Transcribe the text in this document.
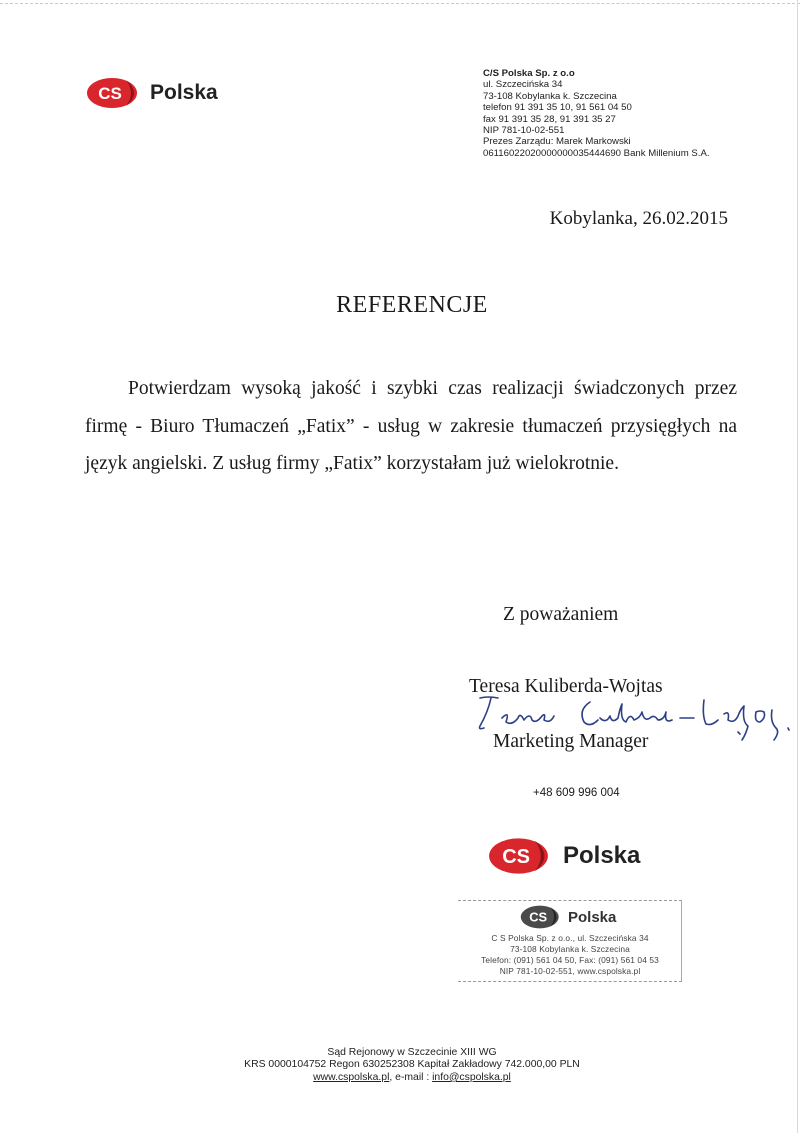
CS Polska
C/S Polska Sp. z o.o
ul. Szczecińska 34
73-108 Kobylanka k. Szczecina
telefon 91 391 35 10, 91 561 04 50
fax 91 391 35 28, 91 391 35 27
NIP 781-10-02-551
Prezes Zarządu: Marek Markowski
06116022020000000035444690 Bank Millenium S.A.
Kobylanka, 26.02.2015
REFERENCJE
Potwierdzam wysoką jakość i szybki czas realizacji świadczonych przez firmę - Biuro Tłumaczeń „Fatix” - usług w zakresie tłumaczeń przysięgłych na język angielski. Z usług firmy „Fatix” korzystałam już wielokrotnie.
Z poważaniem
Teresa Kuliberda-Wojtas
Marketing Manager
+48 609 996 004
CS Polska
CS Polska
C S Polska Sp. z o.o., ul. Szczecińska 34
73-108 Kobylanka k. Szczecina
Telefon: (091) 561 04 50, Fax: (091) 561 04 53
NIP 781-10-02-551, www.cspolska.pl
Sąd Rejonowy w Szczecinie XIII WG
KRS 0000104752 Regon 630252308 Kapitał Zakładowy 742.000,00 PLN
www.cspolska.pl, e-mail : info@cspolska.pl
